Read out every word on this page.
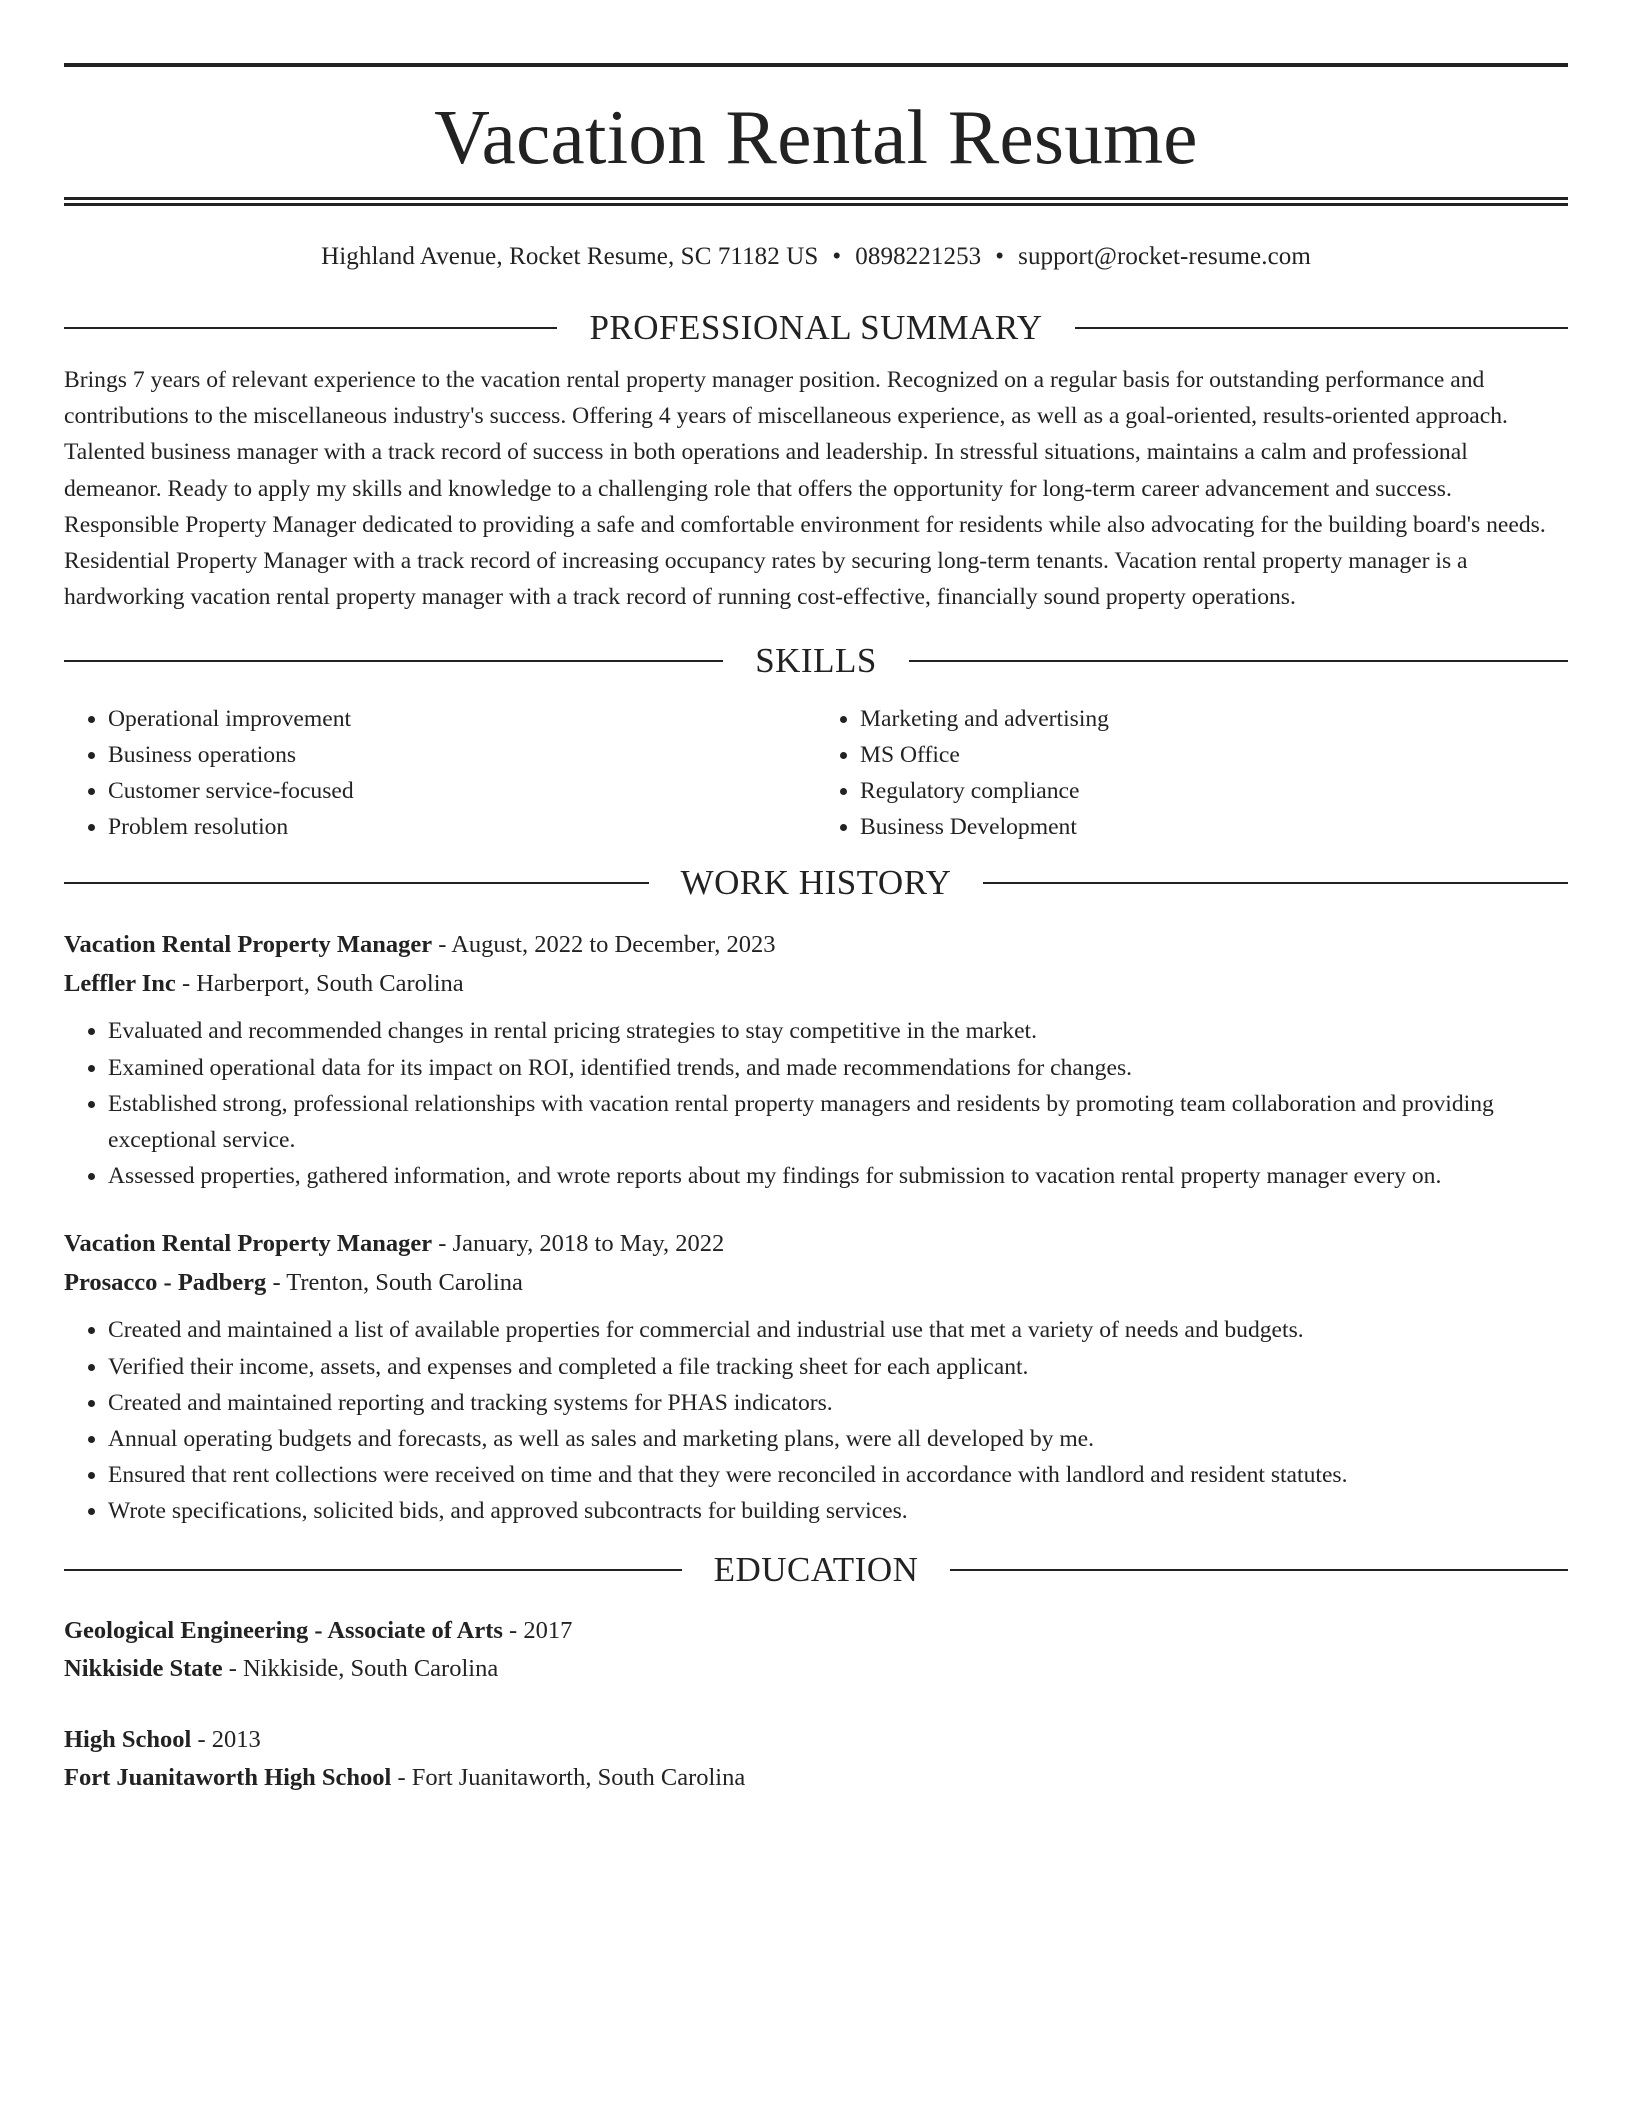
Vacation Rental Resume
Highland Avenue, Rocket Resume, SC 71182 US • 0898221253 • support@rocket-resume.com
PROFESSIONAL SUMMARY
Brings 7 years of relevant experience to the vacation rental property manager position. Recognized on a regular basis for outstanding performance and contributions to the miscellaneous industry's success. Offering 4 years of miscellaneous experience, as well as a goal-oriented, results-oriented approach. Talented business manager with a track record of success in both operations and leadership. In stressful situations, maintains a calm and professional demeanor. Ready to apply my skills and knowledge to a challenging role that offers the opportunity for long-term career advancement and success. Responsible Property Manager dedicated to providing a safe and comfortable environment for residents while also advocating for the building board's needs. Residential Property Manager with a track record of increasing occupancy rates by securing long-term tenants. Vacation rental property manager is a hardworking vacation rental property manager with a track record of running cost-effective, financially sound property operations.
SKILLS
• Operational improvement
• Business operations
• Customer service-focused
• Problem resolution
• Marketing and advertising
• MS Office
• Regulatory compliance
• Business Development
WORK HISTORY
Vacation Rental Property Manager - August, 2022 to December, 2023
Leffler Inc - Harberport, South Carolina
• Evaluated and recommended changes in rental pricing strategies to stay competitive in the market.
• Examined operational data for its impact on ROI, identified trends, and made recommendations for changes.
• Established strong, professional relationships with vacation rental property managers and residents by promoting team collaboration and providing exceptional service.
• Assessed properties, gathered information, and wrote reports about my findings for submission to vacation rental property manager every on.
Vacation Rental Property Manager - January, 2018 to May, 2022
Prosacco - Padberg - Trenton, South Carolina
• Created and maintained a list of available properties for commercial and industrial use that met a variety of needs and budgets.
• Verified their income, assets, and expenses and completed a file tracking sheet for each applicant.
• Created and maintained reporting and tracking systems for PHAS indicators.
• Annual operating budgets and forecasts, as well as sales and marketing plans, were all developed by me.
• Ensured that rent collections were received on time and that they were reconciled in accordance with landlord and resident statutes.
• Wrote specifications, solicited bids, and approved subcontracts for building services.
EDUCATION
Geological Engineering - Associate of Arts - 2017
Nikkiside State - Nikkiside, South Carolina
High School - 2013
Fort Juanitaworth High School - Fort Juanitaworth, South Carolina
